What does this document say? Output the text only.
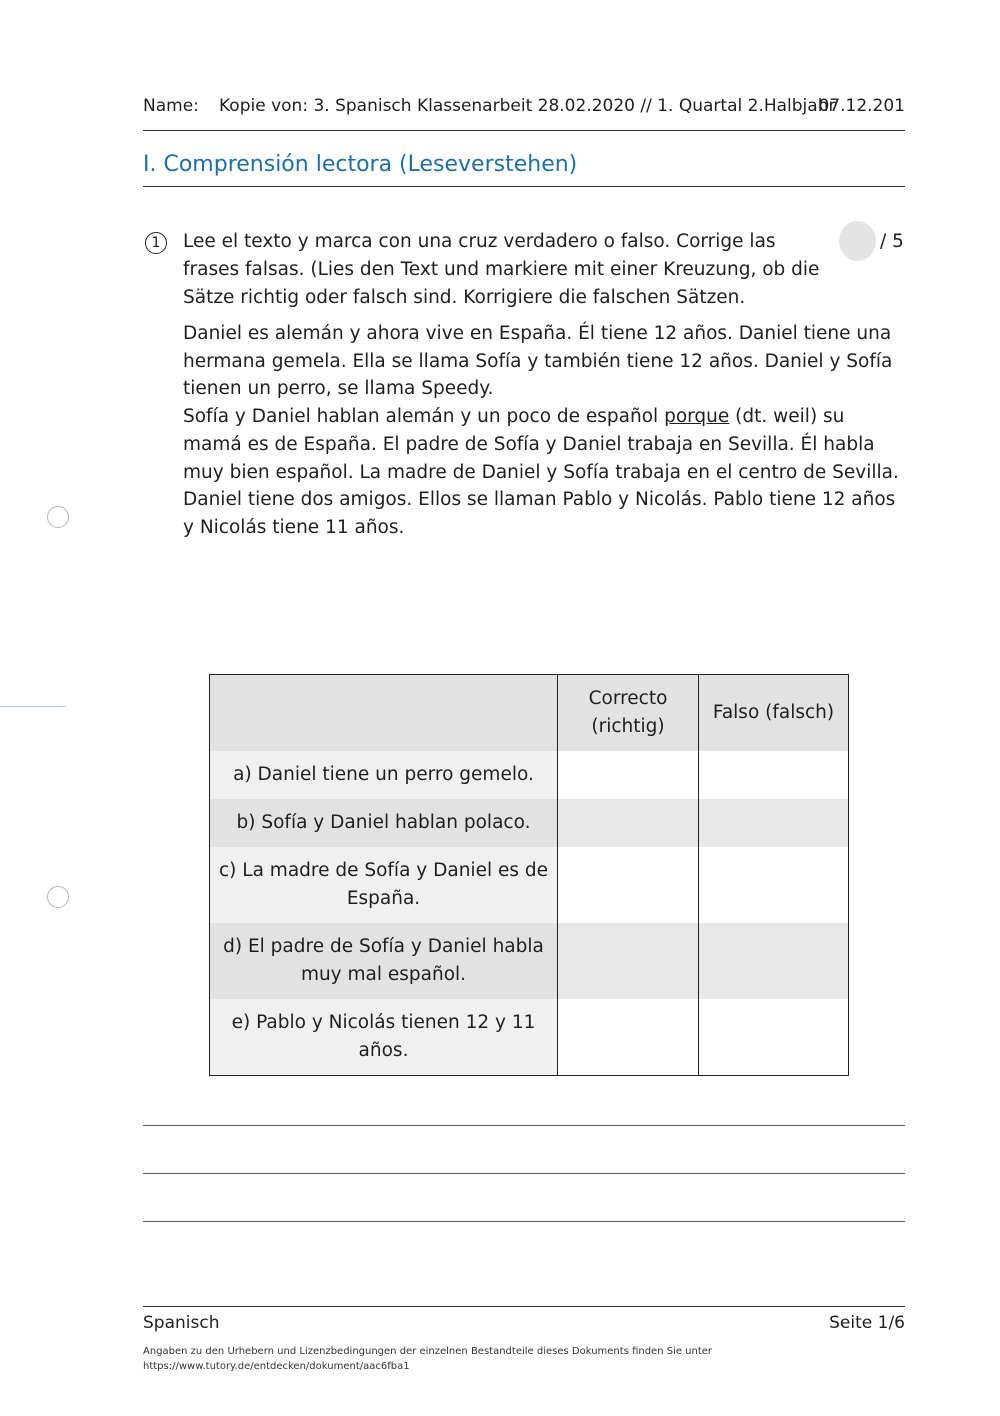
Name: Kopie von: 3. Spanisch Klassenarbeit 28.02.2020 // 1. Quartal 2.Halbjahr
07.12.201
I. Comprensión lectora (Leseverstehen)
1	Lee el texto y marca con una cruz verdadero o falso. Corrige las frases falsas. (Lies den Text und markiere mit einer Kreuzung, ob die Sätze richtig oder falsch sind. Korrigiere die falschen Sätzen.
/ 5

Daniel es alemán y ahora vive en España. Él tiene 12 años. Daniel tiene una hermana gemela. Ella se llama Sofía y también tiene 12 años. Daniel y Sofía tienen un perro, se llama Speedy.

Sofía y Daniel hablan alemán y un poco de español porque (dt. weil) su mamá es de España. El padre de Sofía y Daniel trabaja en Sevilla. Él habla muy bien español. La madre de Daniel y Sofía trabaja en el centro de Sevilla. Daniel tiene dos amigos. Ellos se llaman Pablo y Nicolás. Pablo tiene 12 años y Nicolás tiene 11 años.

	Correcto (richtig)	Falso (falsch)
a) Daniel tiene un perro gemelo.		
b) Sofía y Daniel hablan polaco.		
c) La madre de Sofía y Daniel es de España.		
d) El padre de Sofía y Daniel habla muy mal español.		
e) Pablo y Nicolás tienen 12 y 11 años.		
Spanisch	Seite 1/6
Angaben zu den Urhebern und Lizenzbedingungen der einzelnen Bestandteile dieses Dokuments finden Sie unter
https://www.tutory.de/entdecken/dokument/aac6fba1
